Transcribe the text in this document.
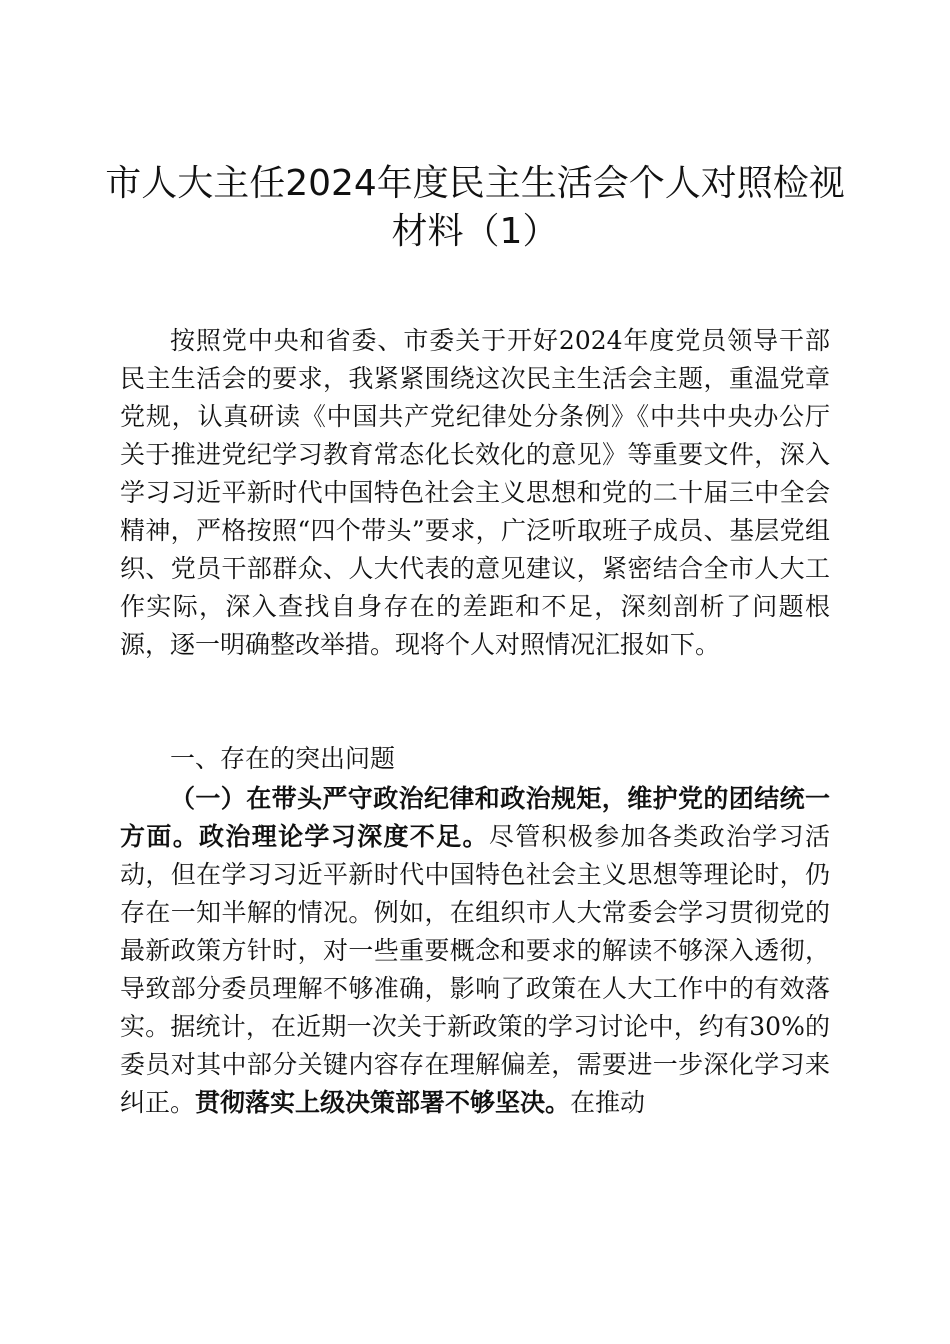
市人大主任2024年度民主生活会个人对照检视材料（1）

按照党中央和省委、市委关于开好2024年度党员领导干部民主生活会的要求，我紧紧围绕这次民主生活会主题，重温党章党规，认真研读《中国共产党纪律处分条例》《中共中央办公厅关于推进党纪学习教育常态化长效化的意见》等重要文件，深入学习习近平新时代中国特色社会主义思想和党的二十届三中全会精神，严格按照“四个带头”要求，广泛听取班子成员、基层党组织、党员干部群众、人大代表的意见建议，紧密结合全市人大工作实际，深入查找自身存在的差距和不足，深刻剖析了问题根源，逐一明确整改举措。现将个人对照情况汇报如下。

一、存在的突出问题

（一）在带头严守政治纪律和政治规矩，维护党的团结统一方面。政治理论学习深度不足。尽管积极参加各类政治学习活动，但在学习习近平新时代中国特色社会主义思想等理论时，仍存在一知半解的情况。例如，在组织市人大常委会学习贯彻党的最新政策方针时，对一些重要概念和要求的解读不够深入透彻，导致部分委员理解不够准确，影响了政策在人大工作中的有效落实。据统计，在近期一次关于新政策的学习讨论中，约有30%的委员对其中部分关键内容存在理解偏差，需要进一步深化学习来纠正。贯彻落实上级决策部署不够坚决。在推动
